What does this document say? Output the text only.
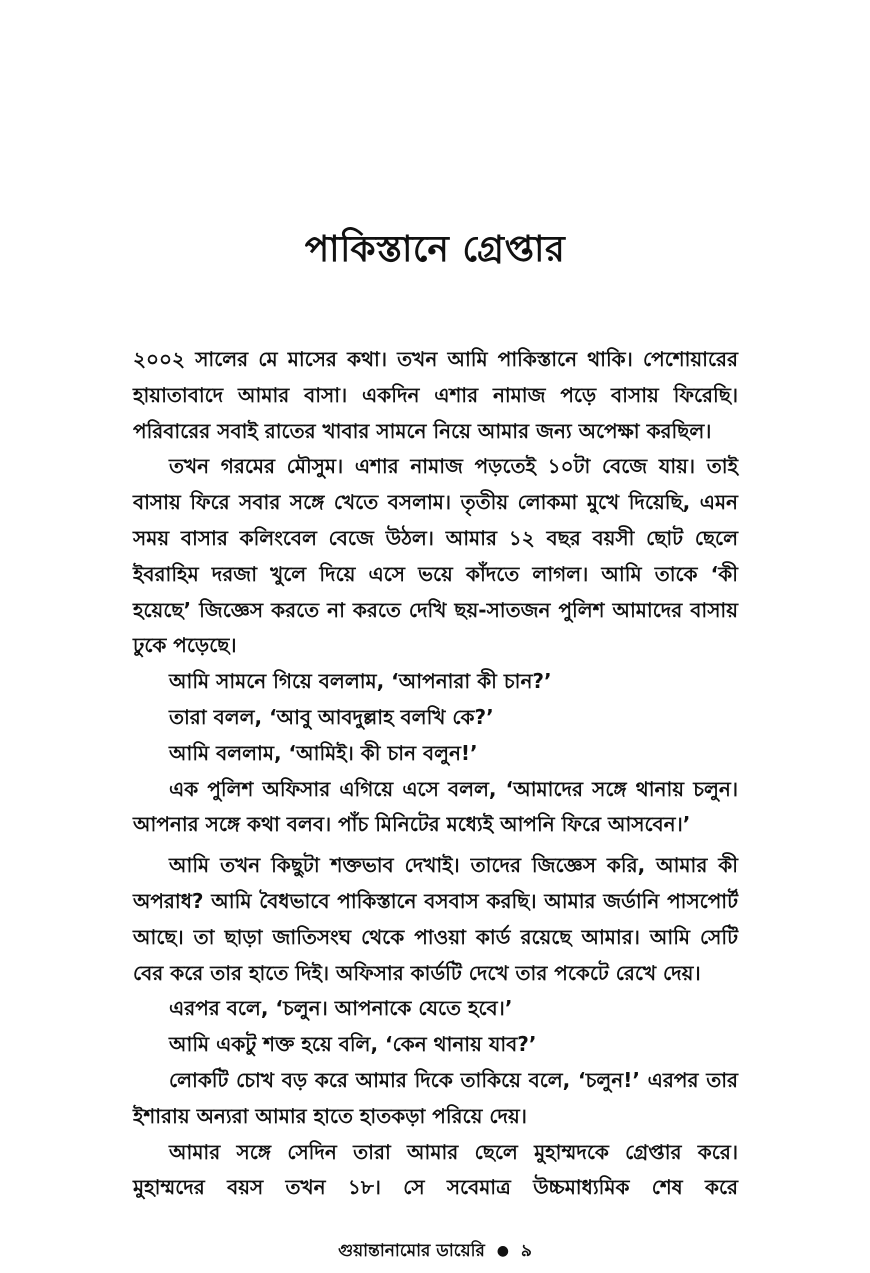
পাকিস্তানে গ্রেপ্তার

২০০২ সালের মে মাসের কথা। তখন আমি পাকিস্তানে থাকি। পেশোয়ারের হায়াতাবাদে আমার বাসা। একদিন এশার নামাজ পড়ে বাসায় ফিরেছি। পরিবারের সবাই রাতের খাবার সামনে নিয়ে আমার জন্য অপেক্ষা করছিল।

তখন গরমের মৌসুম। এশার নামাজ পড়তেই ১০টা বেজে যায়। তাই বাসায় ফিরে সবার সঙ্গে খেতে বসলাম। তৃতীয় লোকমা মুখে দিয়েছি, এমন সময় বাসার কলিংবেল বেজে উঠল। আমার ১২ বছর বয়সী ছোট ছেলে ইবরাহিম দরজা খুলে দিয়ে এসে ভয়ে কাঁদতে লাগল। আমি তাকে ‘কী হয়েছে’ জিজ্ঞেস করতে না করতে দেখি ছয়-সাতজন পুলিশ আমাদের বাসায় ঢুকে পড়েছে।

আমি সামনে গিয়ে বললাম, ‘আপনারা কী চান?’

তারা বলল, ‘আবু আবদুল্লাহ বলখি কে?’

আমি বললাম, ‘আমিই। কী চান বলুন!’

এক পুলিশ অফিসার এগিয়ে এসে বলল, ‘আমাদের সঙ্গে থানায় চলুন। আপনার সঙ্গে কথা বলব। পাঁচ মিনিটের মধ্যেই আপনি ফিরে আসবেন।’

আমি তখন কিছুটা শক্তভাব দেখাই। তাদের জিজ্ঞেস করি, আমার কী অপরাধ? আমি বৈধভাবে পাকিস্তানে বসবাস করছি। আমার জর্ডানি পাসপোর্ট আছে। তা ছাড়া জাতিসংঘ থেকে পাওয়া কার্ড রয়েছে আমার। আমি সেটি বের করে তার হাতে দিই। অফিসার কার্ডটি দেখে তার পকেটে রেখে দেয়।

এরপর বলে, ‘চলুন। আপনাকে যেতে হবে।’

আমি একটু শক্ত হয়ে বলি, ‘কেন থানায় যাব?’

লোকটি চোখ বড় করে আমার দিকে তাকিয়ে বলে, ‘চলুন!’ এরপর তার ইশারায় অন্যরা আমার হাতে হাতকড়া পরিয়ে দেয়।

আমার সঙ্গে সেদিন তারা আমার ছেলে মুহাম্মদকে গ্রেপ্তার করে। মুহাম্মদের বয়স তখন ১৮। সে সবেমাত্র উচ্চমাধ্যমিক শেষ করে

গুয়ান্তানামোর ডায়েরি ● ৯
